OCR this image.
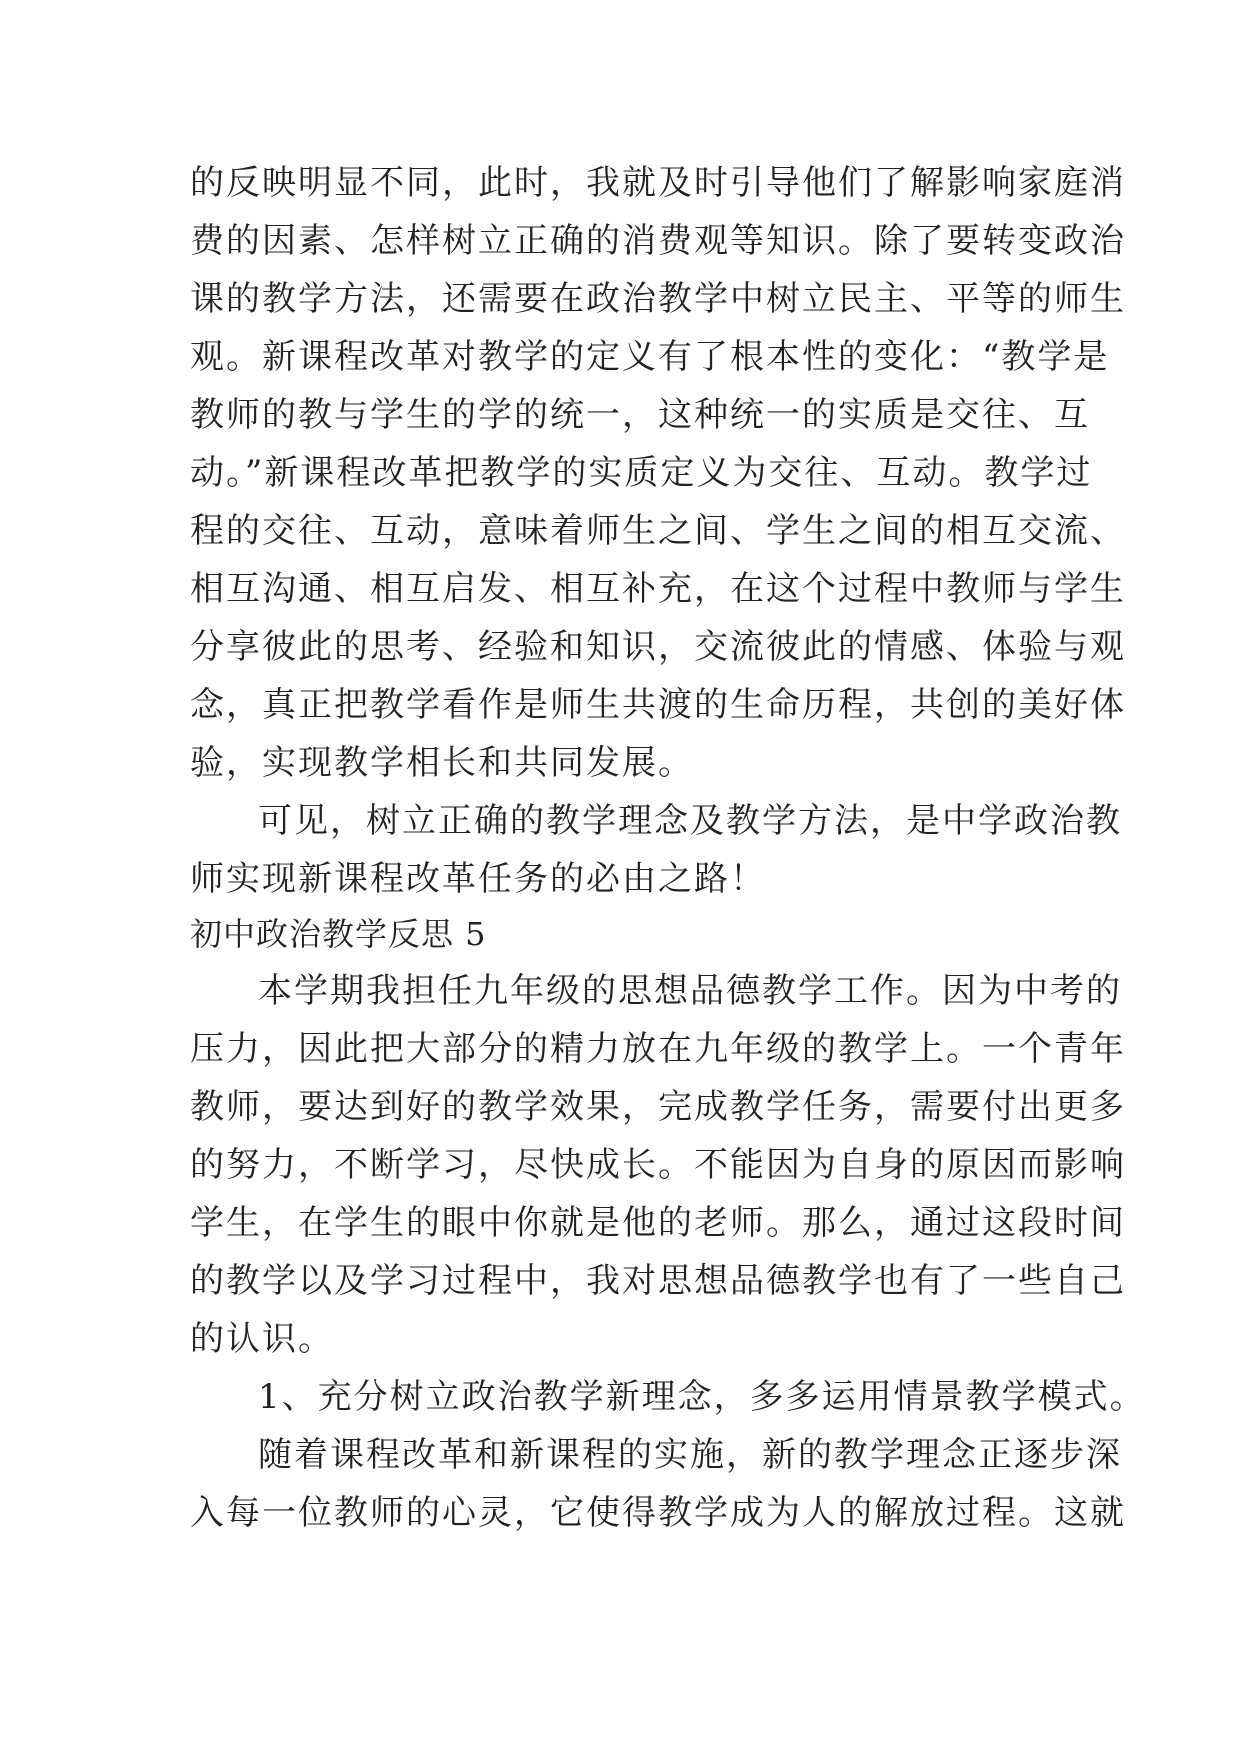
的反映明显不同，此时，我就及时引导他们了解影响家庭消
费的因素、怎样树立正确的消费观等知识。除了要转变政治
课的教学方法，还需要在政治教学中树立民主、平等的师生
观。新课程改革对教学的定义有了根本性的变化：“教学是
教师的教与学生的学的统一，这种统一的实质是交往、互
动。”新课程改革把教学的实质定义为交往、互动。教学过
程的交往、互动，意味着师生之间、学生之间的相互交流、
相互沟通、相互启发、相互补充，在这个过程中教师与学生
分享彼此的思考、经验和知识，交流彼此的情感、体验与观
念，真正把教学看作是师生共渡的生命历程，共创的美好体
验，实现教学相长和共同发展。
可见，树立正确的教学理念及教学方法，是中学政治教
师实现新课程改革任务的必由之路！
初中政治教学反思 5
本学期我担任九年级的思想品德教学工作。因为中考的
压力，因此把大部分的精力放在九年级的教学上。一个青年
教师，要达到好的教学效果，完成教学任务，需要付出更多
的努力，不断学习，尽快成长。不能因为自身的原因而影响
学生，在学生的眼中你就是他的老师。那么，通过这段时间
的教学以及学习过程中，我对思想品德教学也有了一些自己
的认识。
1、充分树立政治教学新理念，多多运用情景教学模式。
随着课程改革和新课程的实施，新的教学理念正逐步深
入每一位教师的心灵，它使得教学成为人的解放过程。这就
